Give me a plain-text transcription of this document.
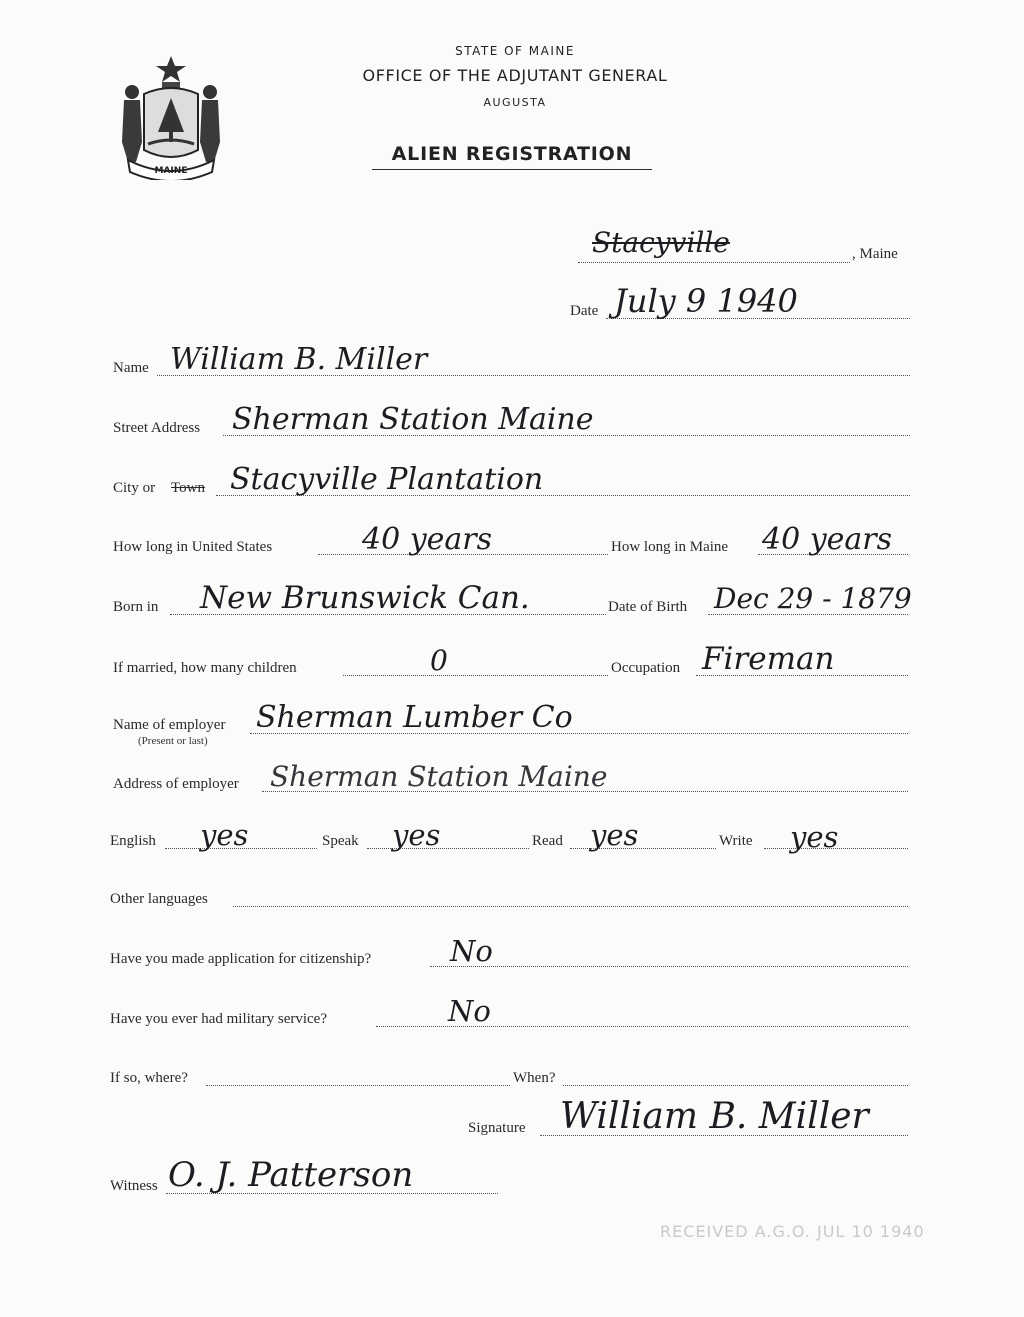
MAINE
STATE OF MAINE
OFFICE OF THE ADJUTANT GENERAL
AUGUSTA
ALIEN REGISTRATION
Stacyville	, Maine
Date July 9 1940
Name William B. Miller
Street Address Sherman Station Maine
City or Town Stacyville Plantation
How long in United States	40 years	How long in Maine 40 years
Born in New Brunswick Can.	Date of Birth Dec 29 - 1879
If married, how many children	0	Occupation Fireman
Name of employer
(Present or last)
Sherman Lumber Co
Address of employer Sherman Station Maine
English yes	Speak yes	Read yes	Write yes
Other languages
Have you made application for citizenship?	No
Have you ever had military service?	No
If so, where?	When?
Signature William B. Miller
Witness O. J. Patterson
RECEIVED A.G.O. JUL 10 1940
